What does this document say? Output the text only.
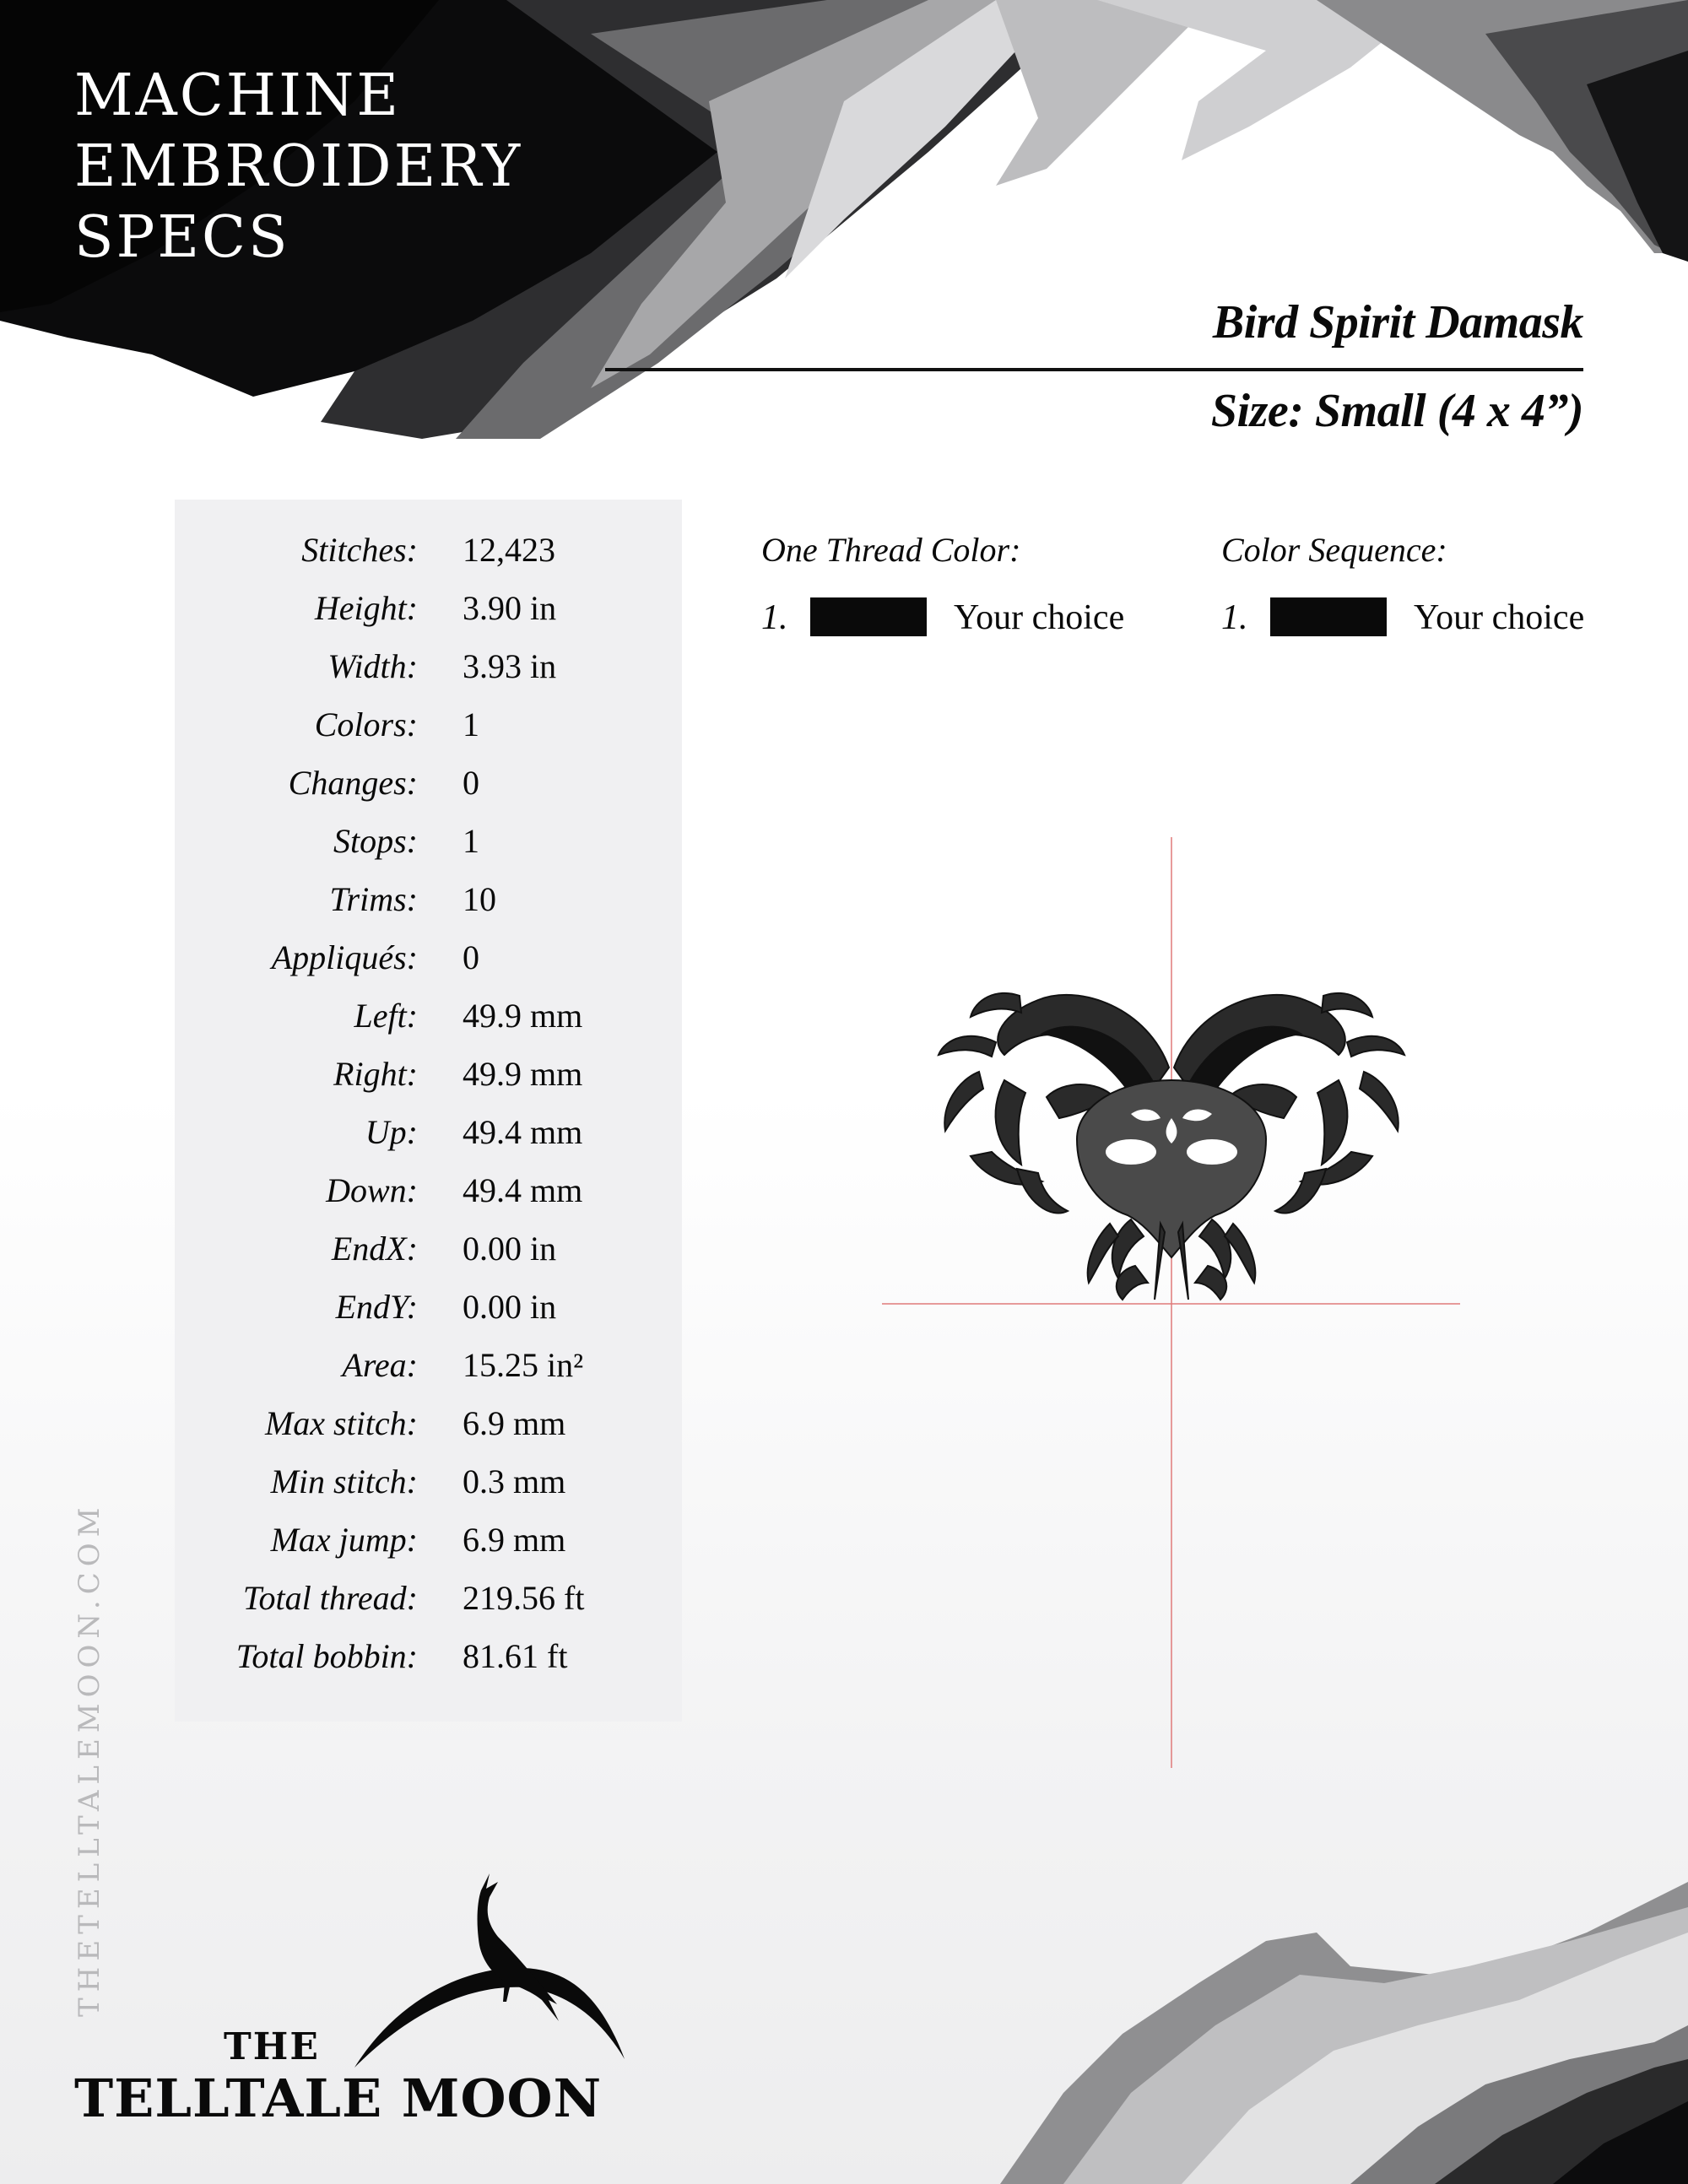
MACHINE
EMBROIDERY
SPECS
Bird Spirit Damask
Size: Small (4 x 4”)
Stitches: 12,423
Height: 3.90 in
Width: 3.93 in
Colors: 1
Changes: 0
Stops: 1
Trims: 10
Appliqués: 0
Left: 49.9 mm
Right: 49.9 mm
Up: 49.4 mm
Down: 49.4 mm
EndX: 0.00 in
EndY: 0.00 in
Area: 15.25 in²
Max stitch: 6.9 mm
Min stitch: 0.3 mm
Max jump: 6.9 mm
Total thread: 219.56 ft
Total bobbin: 81.61 ft
One Thread Color:
1.	Your choice
Color Sequence:
1.	Your choice
THETELLTALEMOON.COM
THE
TELLTALE MOON
